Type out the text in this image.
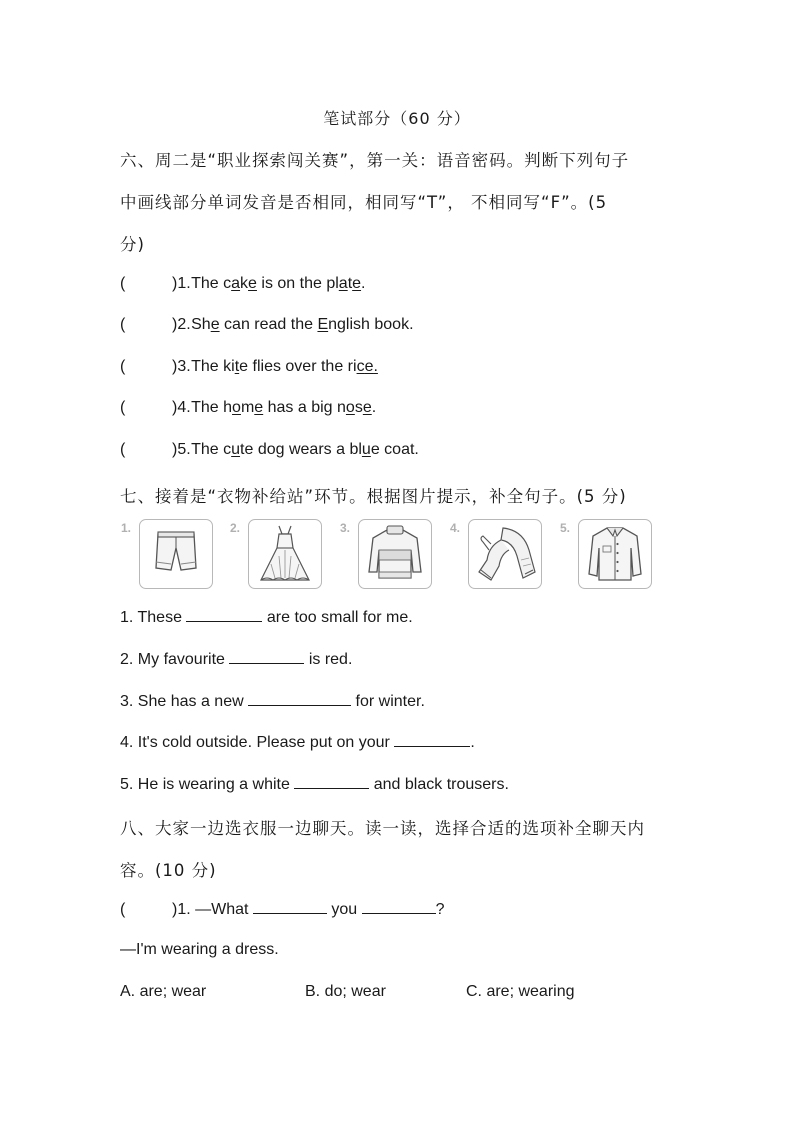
笔试部分（60 分）
六、周二是“职业探索闯关赛”，第一关：语音密码。判断下列句子
中画线部分单词发音是否相同，相同写“T”， 不相同写“F”。(5
分)
(	)1. The cake is on the plate.
(	)2. She can read the English book.
(	)3. The kite flies over the rice.
(	)4. The home has a big nose.
(	)5. The cute dog wears a blue coat.
七、接着是“衣物补给站”环节。根据图片提示，补全句子。(5 分)
1.	2.	3.	4.	5.
1. These	are too small for me.
2. My favourite	is red.
3. She has a new	for winter.
4. It's cold outside. Please put on your	.
5. He is wearing a white	and black trousers.
八、大家一边选衣服一边聊天。读一读，选择合适的选项补全聊天内
容。(10 分)
(	)1. —What	you	?
—I'm wearing a dress.
A. are; wear	B. do; wear	C. are; wearing
